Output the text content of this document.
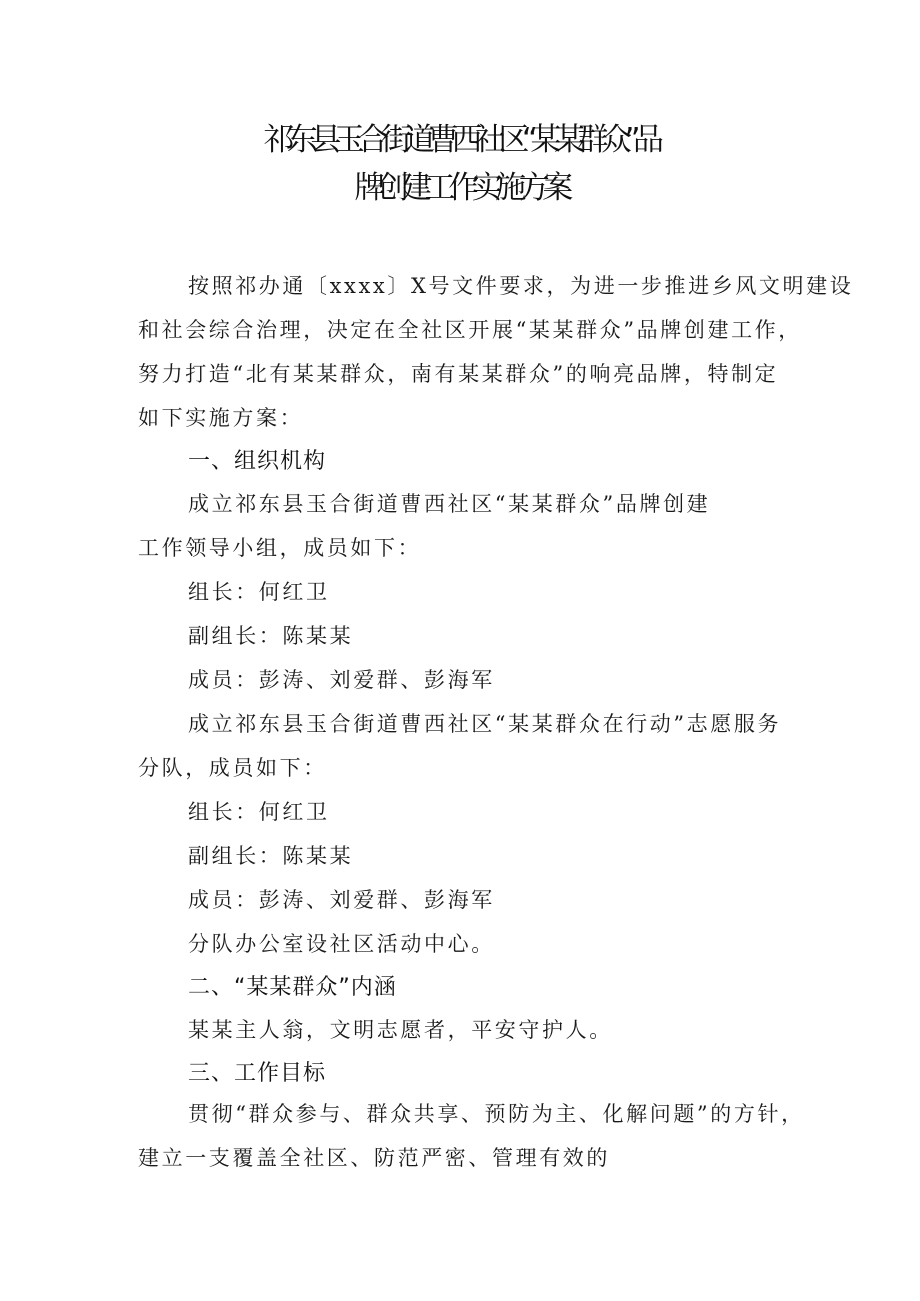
祁东县玉合街道曹西社区“某某群众”品
牌创建工作实施方案
按照祁办通〔xxxx〕X号文件要求，为进一步推进乡风文明建设
和社会综合治理，决定在全社区开展“某某群众”品牌创建工作，
努力打造“北有某某群众，南有某某群众”的响亮品牌，特制定
如下实施方案：
一、组织机构
成立祁东县玉合街道曹西社区“某某群众”品牌创建
工作领导小组，成员如下：
组长：何红卫
副组长：陈某某
成员：彭涛、刘爱群、彭海军
成立祁东县玉合街道曹西社区“某某群众在行动”志愿服务
分队，成员如下：
组长：何红卫
副组长：陈某某
成员：彭涛、刘爱群、彭海军
分队办公室设社区活动中心。
二、“某某群众”内涵
某某主人翁，文明志愿者，平安守护人。
三、工作目标
贯彻“群众参与、群众共享、预防为主、化解问题”的方针，
建立一支覆盖全社区、防范严密、管理有效的
